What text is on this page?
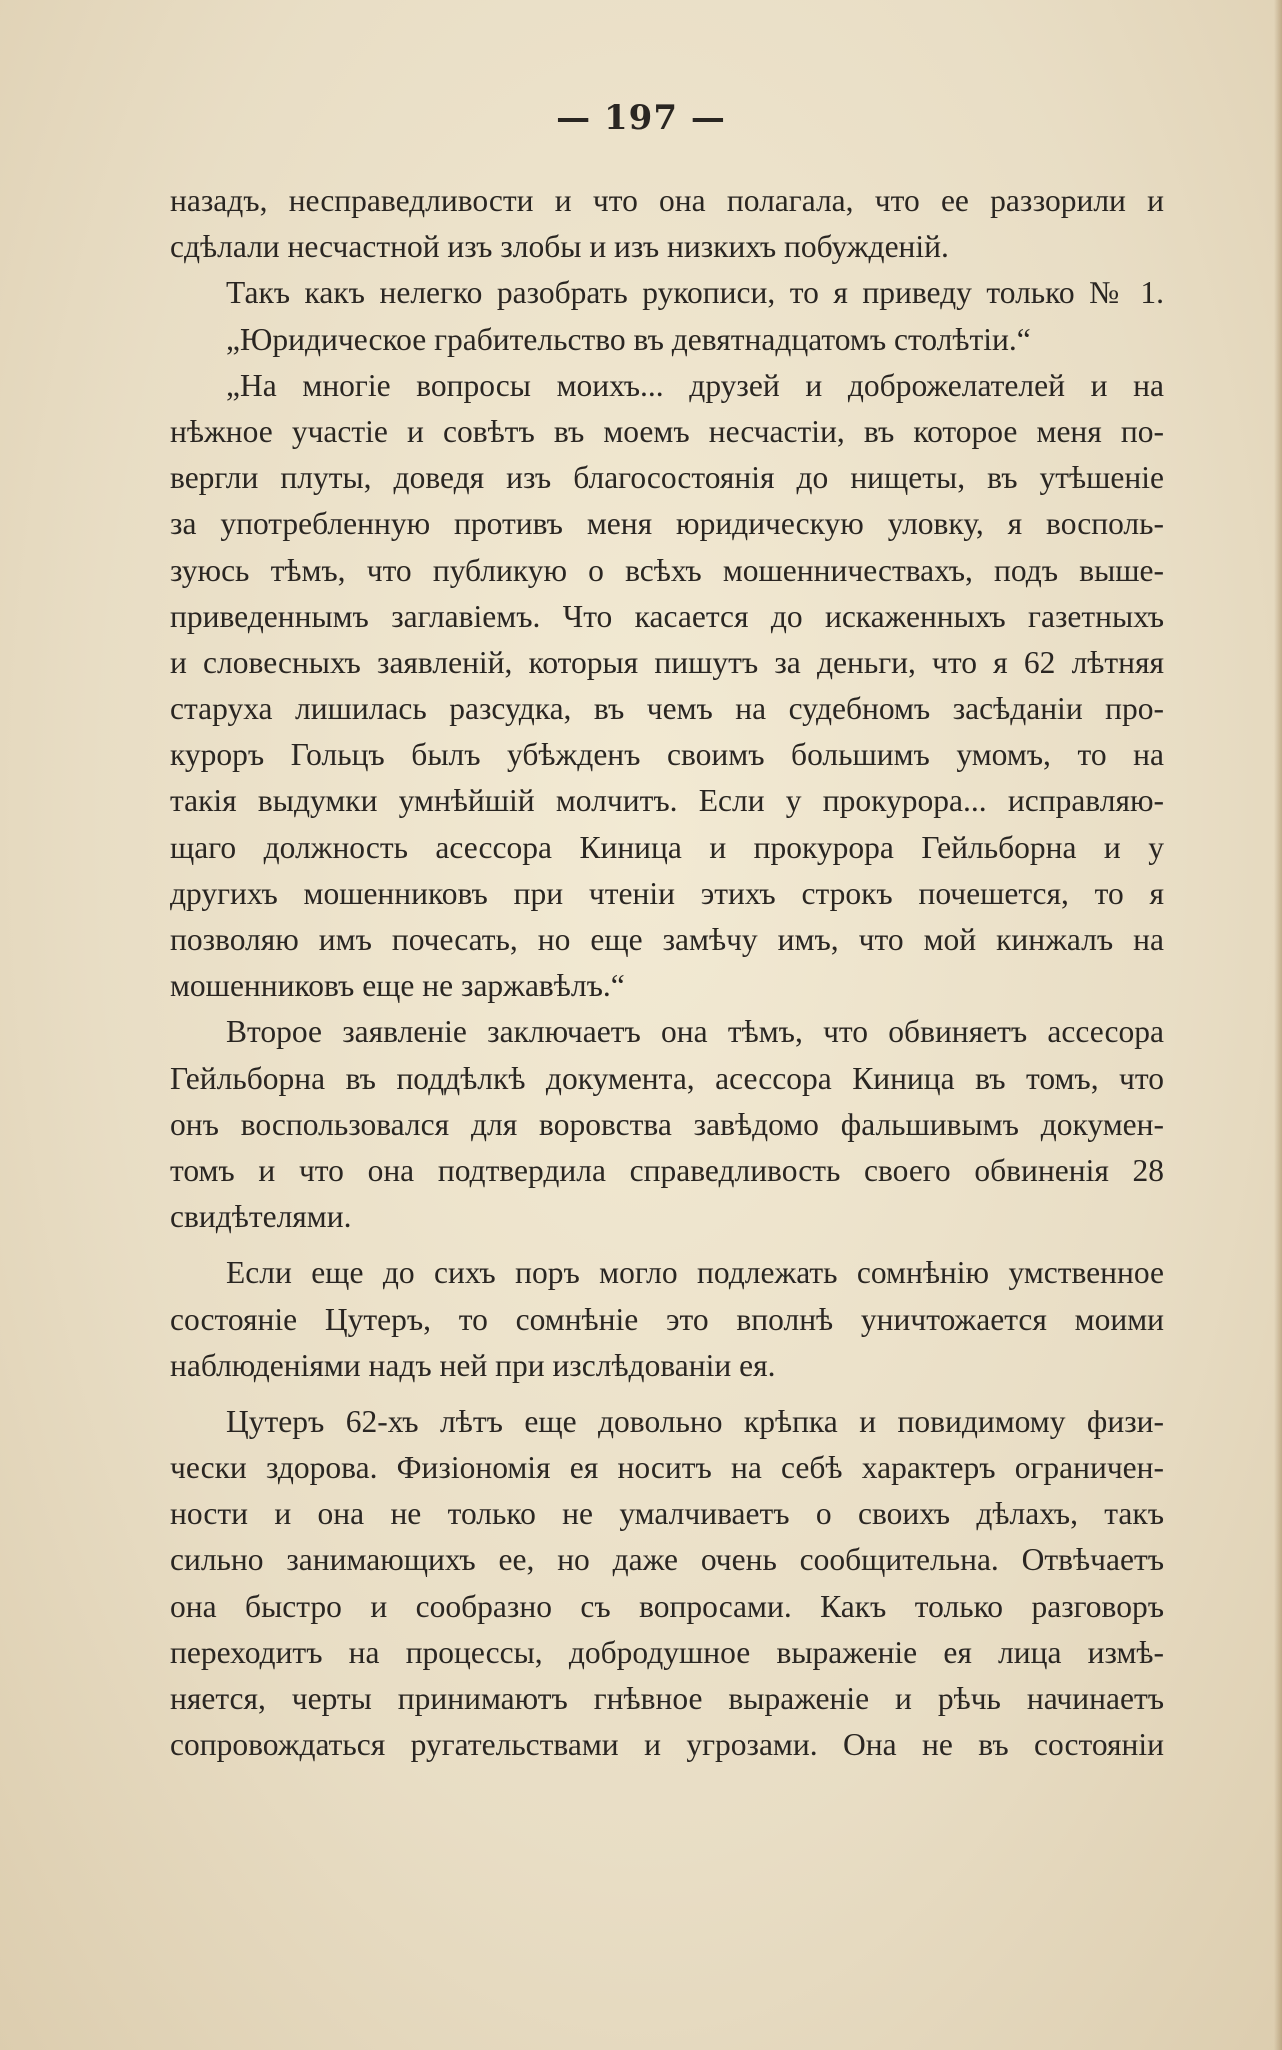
— 197 —
назадъ, несправедливости и что она полагала, что ее раззорили и
сдѣлали несчастной изъ злобы и изъ низкихъ побужденій.
Такъ какъ нелегко разобрать рукописи, то я приведу только № 1.
„Юридическое грабительство въ девятнадцатомъ столѣтіи.“
„На многіе вопросы моихъ... друзей и доброжелателей и на
нѣжное участіе и совѣтъ въ моемъ несчастіи, въ которое меня по-
вергли плуты, доведя изъ благосостоянія до нищеты, въ утѣшеніе
за употребленную противъ меня юридическую уловку, я восполь-
зуюсь тѣмъ, что публикую о всѣхъ мошенничествахъ, подъ выше-
приведеннымъ заглавіемъ. Что касается до искаженныхъ газетныхъ
и словесныхъ заявленій, которыя пишутъ за деньги, что я 62 лѣтняя
старуха лишилась разсудка, въ чемъ на судебномъ засѣданіи про-
куроръ Гольцъ былъ убѣжденъ своимъ большимъ умомъ, то на
такія выдумки умнѣйшій молчитъ. Если у прокурора... исправляю-
щаго должность асессора Киница и прокурора Гейльборна и у
другихъ мошенниковъ при чтеніи этихъ строкъ почешется, то я
позволяю имъ почесать, но еще замѣчу имъ, что мой кинжалъ на
мошенниковъ еще не заржавѣлъ.“
Второе заявленіе заключаетъ она тѣмъ, что обвиняетъ ассесора
Гейльборна въ поддѣлкѣ документа, асессора Киница въ томъ, что
онъ воспользовался для воровства завѣдомо фальшивымъ докумен-
томъ и что она подтвердила справедливость своего обвиненія 28
свидѣтелями.
Если еще до сихъ поръ могло подлежать сомнѣнію умственное
состояніе Цутеръ, то сомнѣніе это вполнѣ уничтожается моими
наблюденіями надъ ней при изслѣдованіи ея.
Цутеръ 62-хъ лѣтъ еще довольно крѣпка и повидимому физи-
чески здорова. Физіономія ея носитъ на себѣ характеръ ограничен-
ности и она не только не умалчиваетъ о своихъ дѣлахъ, такъ
сильно занимающихъ ее, но даже очень сообщительна. Отвѣчаетъ
она быстро и сообразно съ вопросами. Какъ только разговоръ
переходитъ на процессы, добродушное выраженіе ея лица измѣ-
няется, черты принимаютъ гнѣвное выраженіе и рѣчь начинаетъ
сопровождаться ругательствами и угрозами. Она не въ состояніи
